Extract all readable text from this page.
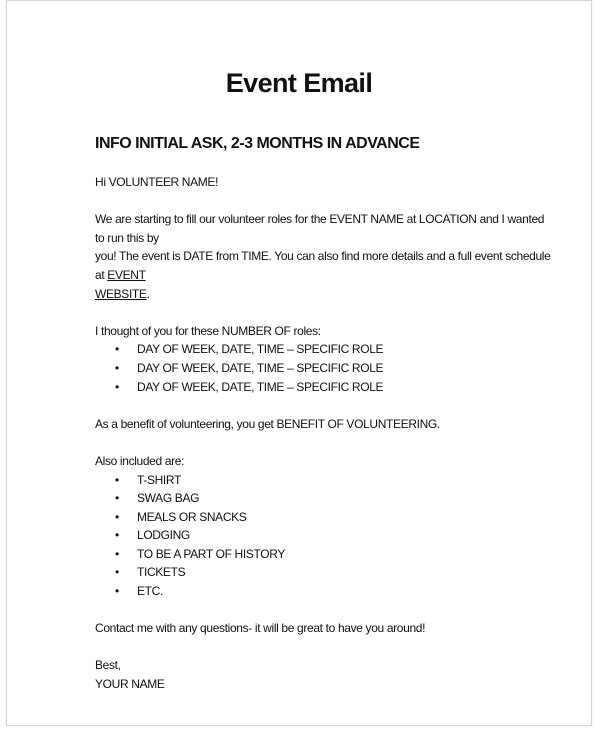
Event Email
INFO INITIAL ASK, 2-3 MONTHS IN ADVANCE

Hi VOLUNTEER NAME!

We are starting to fill our volunteer roles for the EVENT NAME at LOCATION and I wanted to run this by
you! The event is DATE from TIME. You can also find more details and a full event schedule at EVENT
WEBSITE.

I thought of you for these NUMBER OF roles:

• DAY OF WEEK, DATE, TIME – SPECIFIC ROLE
• DAY OF WEEK, DATE, TIME – SPECIFIC ROLE
• DAY OF WEEK, DATE, TIME – SPECIFIC ROLE

As a benefit of volunteering, you get BENEFIT OF VOLUNTEERING.

Also included are:

• T-SHIRT
• SWAG BAG
• MEALS OR SNACKS
• LODGING
• TO BE A PART OF HISTORY
• TICKETS
• ETC.

Contact me with any questions- it will be great to have you around!

Best,

YOUR NAME
